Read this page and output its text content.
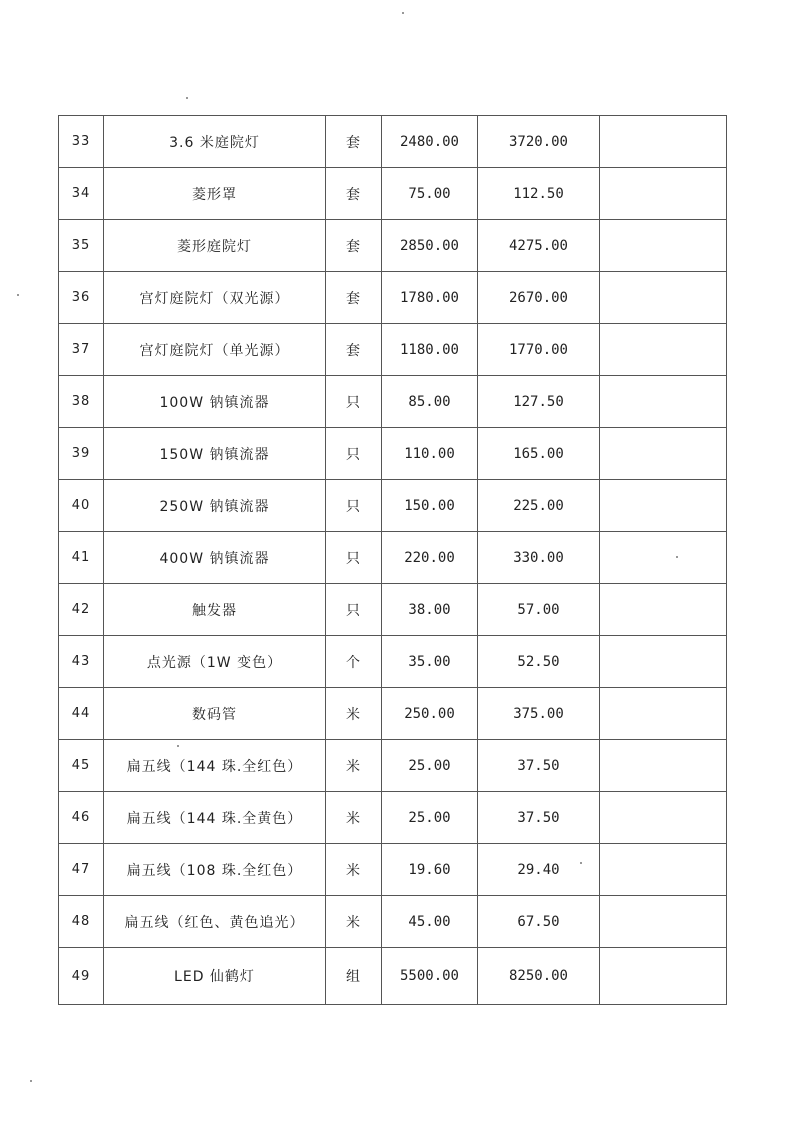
33	3.6 米庭院灯	套	2480.00	3720.00	
34	菱形罩	套	75.00	112.50	
35	菱形庭院灯	套	2850.00	4275.00	
36	宫灯庭院灯（双光源）	套	1780.00	2670.00	
37	宫灯庭院灯（单光源）	套	1180.00	1770.00	
38	100W 钠镇流器	只	85.00	127.50	
39	150W 钠镇流器	只	110.00	165.00	
40	250W 钠镇流器	只	150.00	225.00	
41	400W 钠镇流器	只	220.00	330.00	
42	触发器	只	38.00	57.00	
43	点光源（1W 变色）	个	35.00	52.50	
44	数码管	米	250.00	375.00	
45	扁五线（144 珠.全红色）	米	25.00	37.50	
46	扁五线（144 珠.全黄色）	米	25.00	37.50	
47	扁五线（108 珠.全红色）	米	19.60	29.40	
48	扁五线（红色、黄色追光）	米	45.00	67.50	
49	LED 仙鹤灯	组	5500.00	8250.00	
